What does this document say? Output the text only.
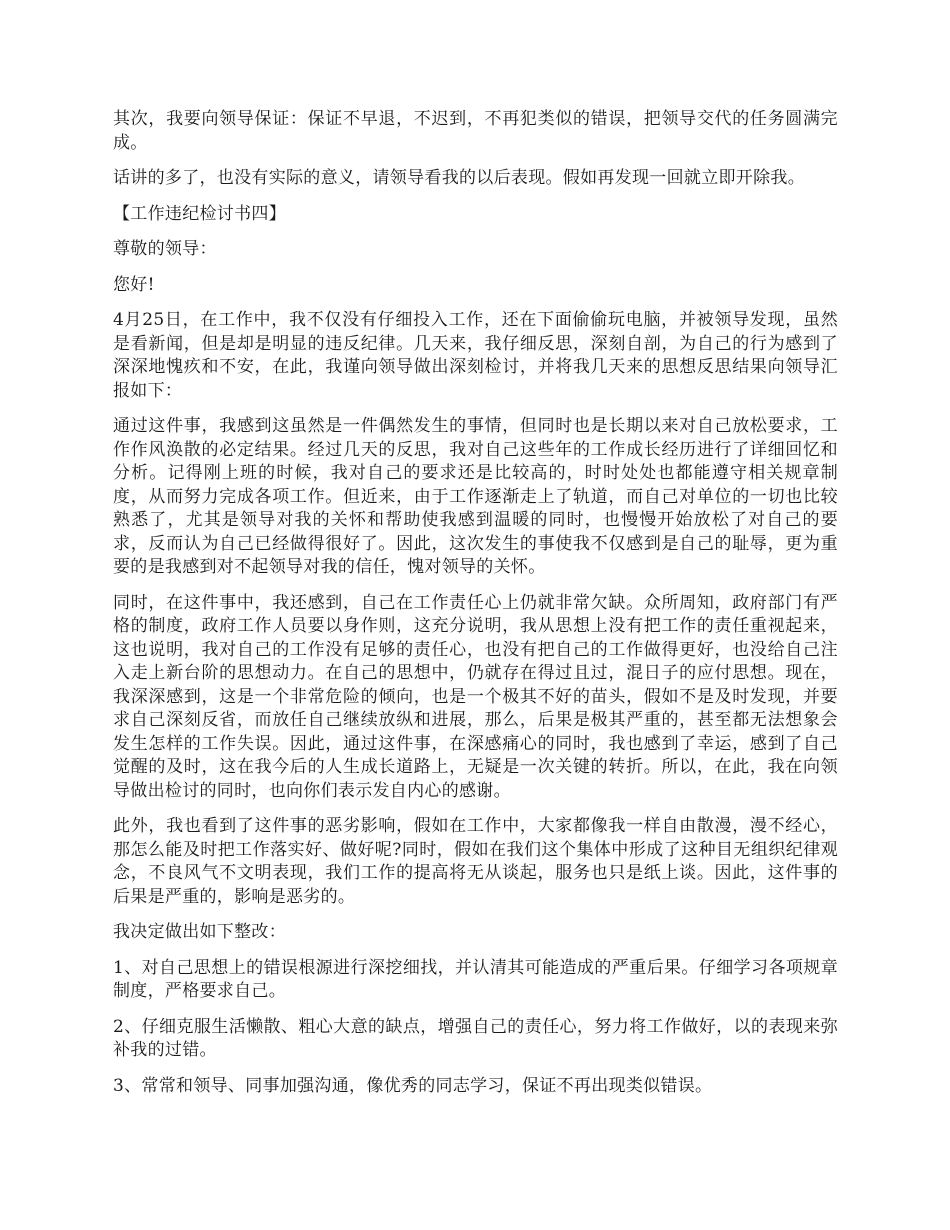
其次，我要向领导保证：保证不早退，不迟到，不再犯类似的错误，把领导交代的任务圆满完成。

话讲的多了，也没有实际的意义，请领导看我的以后表现。假如再发现一回就立即开除我。

【工作违纪检讨书四】

尊敬的领导：

您好!

4月25日，在工作中，我不仅没有仔细投入工作，还在下面偷偷玩电脑，并被领导发现，虽然是看新闻，但是却是明显的违反纪律。几天来，我仔细反思，深刻自剖，为自己的行为感到了深深地愧疚和不安，在此，我谨向领导做出深刻检讨，并将我几天来的思想反思结果向领导汇报如下：

通过这件事，我感到这虽然是一件偶然发生的事情，但同时也是长期以来对自己放松要求，工作作风涣散的必定结果。经过几天的反思，我对自己这些年的工作成长经历进行了详细回忆和分析。记得刚上班的时候，我对自己的要求还是比较高的，时时处处也都能遵守相关规章制度，从而努力完成各项工作。但近来，由于工作逐渐走上了轨道，而自己对单位的一切也比较熟悉了，尤其是领导对我的关怀和帮助使我感到温暖的同时，也慢慢开始放松了对自己的要求，反而认为自己已经做得很好了。因此，这次发生的事使我不仅感到是自己的耻辱，更为重要的是我感到对不起领导对我的信任，愧对领导的关怀。

同时，在这件事中，我还感到，自己在工作责任心上仍就非常欠缺。众所周知，政府部门有严格的制度，政府工作人员要以身作则，这充分说明，我从思想上没有把工作的责任重视起来，这也说明，我对自己的工作没有足够的责任心，也没有把自己的工作做得更好，也没给自己注入走上新台阶的思想动力。在自己的思想中，仍就存在得过且过，混日子的应付思想。现在，我深深感到，这是一个非常危险的倾向，也是一个极其不好的苗头，假如不是及时发现，并要求自己深刻反省，而放任自己继续放纵和进展，那么，后果是极其严重的，甚至都无法想象会发生怎样的工作失误。因此，通过这件事，在深感痛心的同时，我也感到了幸运，感到了自己觉醒的及时，这在我今后的人生成长道路上，无疑是一次关键的转折。所以，在此，我在向领导做出检讨的同时，也向你们表示发自内心的感谢。

此外，我也看到了这件事的恶劣影响，假如在工作中，大家都像我一样自由散漫，漫不经心，那怎么能及时把工作落实好、做好呢?同时，假如在我们这个集体中形成了这种目无组织纪律观念，不良风气不文明表现，我们工作的提高将无从谈起，服务也只是纸上谈。因此，这件事的后果是严重的，影响是恶劣的。

我决定做出如下整改：

1、对自己思想上的错误根源进行深挖细找，并认清其可能造成的严重后果。仔细学习各项规章制度，严格要求自己。

2、仔细克服生活懒散、粗心大意的缺点，增强自己的责任心，努力将工作做好，以的表现来弥补我的过错。

3、常常和领导、同事加强沟通，像优秀的同志学习，保证不再出现类似错误。
